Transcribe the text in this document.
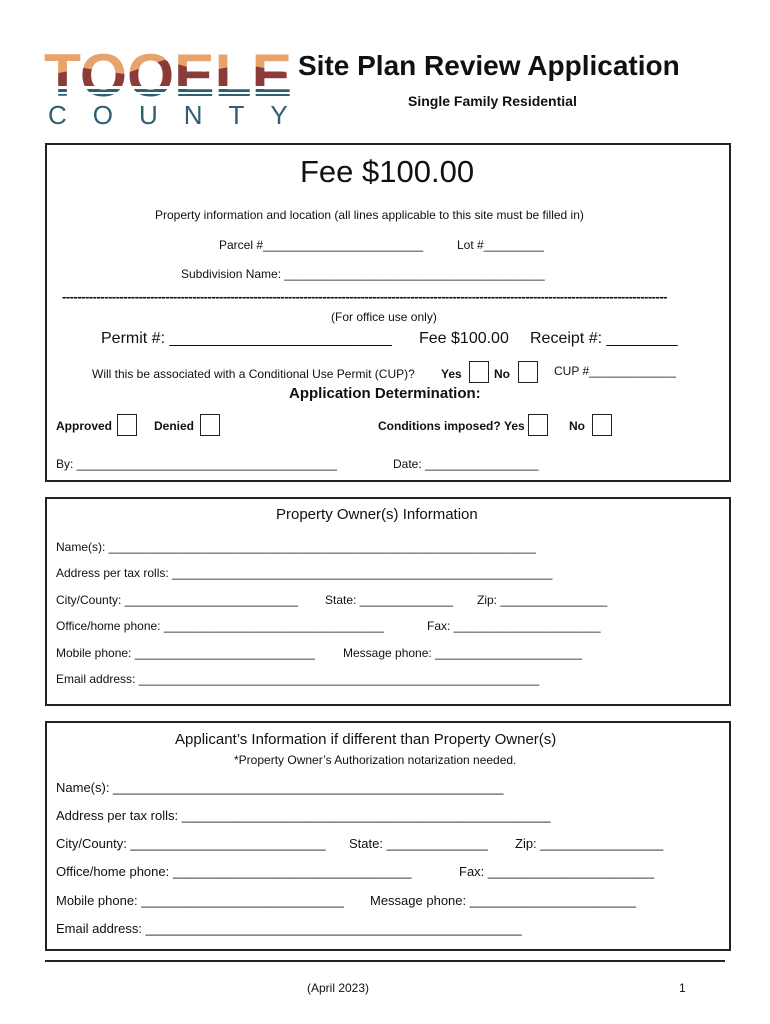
COUNTY
Site Plan Review Application
Single Family Residential
Fee $100.00
Property information and location (all lines applicable to this site must be filled in)
Parcel #________________________	Lot #_________
Subdivision Name: _______________________________________
--------------------------------------------------------------------------------------------------------------------------------------------------------------
(For office use only)
Permit #: _________________________ Fee $100.00 Receipt #: ________
Will this be associated with a Conditional Use Permit (CUP)? Yes	No	CUP #_____________
Application Determination:
Approved	Denied	Conditions imposed? Yes	No
By: _______________________________________	Date: _________________
Property Owner(s) Information
Name(s): ________________________________________________________________
Address per tax rolls: _________________________________________________________
City/County: __________________________ State: ______________ Zip: ________________
Office/home phone: _________________________________	Fax: ______________________
Mobile phone: ___________________________ Message phone: ______________________
Email address: ____________________________________________________________
Applicant’s Information if different than Property Owner(s)
*Property Owner’s Authorization notarization needed.
Name(s): ______________________________________________________
Address per tax rolls: ___________________________________________________
City/County: ___________________________ State: ______________ Zip: _________________
Office/home phone: _________________________________	Fax: _______________________
Mobile phone: ____________________________ Message phone: _______________________
Email address: ____________________________________________________
(April 2023)	1
